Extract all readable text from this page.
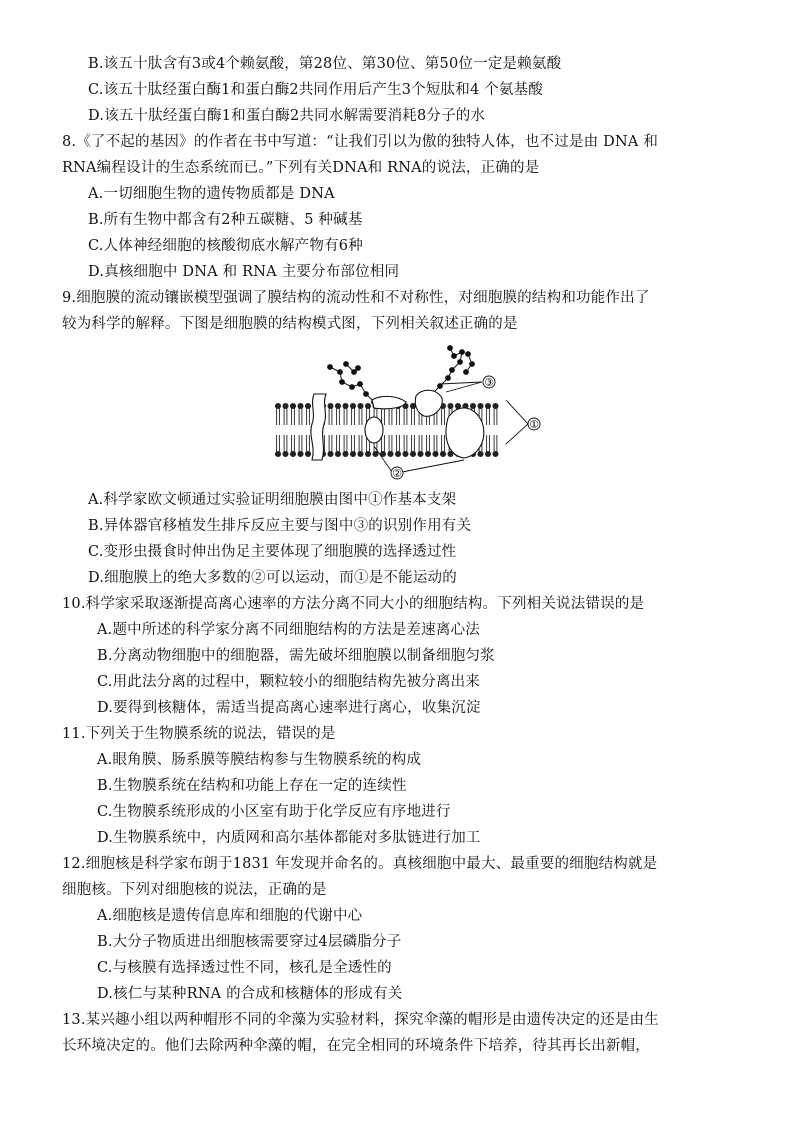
B.该五十肽含有3或4个赖氨酸，第28位、第30位、第50位一定是赖氨酸
C.该五十肽经蛋白酶1和蛋白酶2共同作用后产生3个短肽和4 个氨基酸
D.该五十肽经蛋白酶1和蛋白酶2共同水解需要消耗8分子的水
8.《了不起的基因》的作者在书中写道：“让我们引以为傲的独特人体，也不过是由 DNA 和
RNA编程设计的生态系统而已。”下列有关DNA和 RNA的说法，正确的是
A.一切细胞生物的遗传物质都是 DNA
B.所有生物中都含有2种五碳糖、5 种碱基
C.人体神经细胞的核酸彻底水解产物有6种
D.真核细胞中 DNA 和 RNA 主要分布部位相同
9.细胞膜的流动镶嵌模型强调了膜结构的流动性和不对称性，对细胞膜的结构和功能作出了
较为科学的解释。下图是细胞膜的结构模式图，下列相关叙述正确的是
①
③
②
A.科学家欧文顿通过实验证明细胞膜由图中①作基本支架
B.异体器官移植发生排斥反应主要与图中③的识别作用有关
C.变形虫摄食时伸出伪足主要体现了细胞膜的选择透过性
D.细胞膜上的绝大多数的②可以运动，而①是不能运动的
10.科学家采取逐渐提高离心速率的方法分离不同大小的细胞结构。下列相关说法错误的是
A.题中所述的科学家分离不同细胞结构的方法是差速离心法
B.分离动物细胞中的细胞器，需先破坏细胞膜以制备细胞匀浆
C.用此法分离的过程中，颗粒较小的细胞结构先被分离出来
D.要得到核糖体，需适当提高离心速率进行离心，收集沉淀
11.下列关于生物膜系统的说法，错误的是
A.眼角膜、肠系膜等膜结构参与生物膜系统的构成
B.生物膜系统在结构和功能上存在一定的连续性
C.生物膜系统形成的小区室有助于化学反应有序地进行
D.生物膜系统中，内质网和高尔基体都能对多肽链进行加工
12.细胞核是科学家布朗于1831 年发现并命名的。真核细胞中最大、最重要的细胞结构就是
细胞核。下列对细胞核的说法，正确的是
A.细胞核是遗传信息库和细胞的代谢中心
B.大分子物质进出细胞核需要穿过4层磷脂分子
C.与核膜有选择透过性不同，核孔是全透性的
D.核仁与某种RNA 的合成和核糖体的形成有关
13.某兴趣小组以两种帽形不同的伞藻为实验材料，探究伞藻的帽形是由遗传决定的还是由生
长环境决定的。他们去除两种伞藻的帽，在完全相同的环境条件下培养，待其再长出新帽，
